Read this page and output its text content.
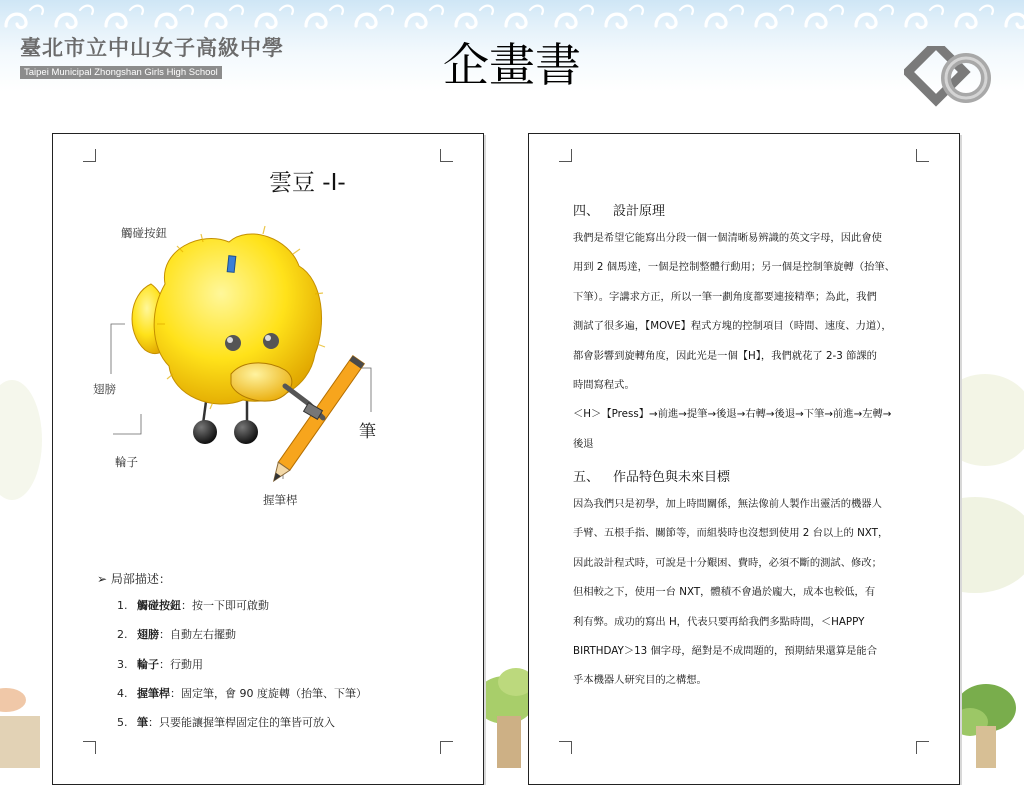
臺北市立中山女子高級中學
Taipei Municipal Zhongshan Girls High School	企畫書
雲豆 -I-
觸碰按鈕
翅膀
輪子
筆
握筆桿
➢ 局部描述：
1. 觸碰按鈕：按一下即可啟動
2. 翅膀：自動左右擺動
3. 輪子：行動用
4. 握筆桿：固定筆，會 90 度旋轉（抬筆、下筆）
5. 筆：只要能讓握筆桿固定住的筆皆可放入
四、 設計原理

我們是希望它能寫出分段一個一個清晰易辨識的英文字母，因此會使

用到 2 個馬達，一個是控制整體行動用；另一個是控制筆旋轉（抬筆、

下筆）。字講求方正，所以一筆一劃角度都要連接精準；為此，我們

測試了很多遍，【MOVE】程式方塊的控制項目（時間、速度、力道），

都會影響到旋轉角度，因此光是一個【H】，我們就花了 2-3 節課的

時間寫程式。

＜H＞【Press】→前進→提筆→後退→右轉→後退→下筆→前進→左轉→

後退

五、 作品特色與未來目標

因為我們只是初學，加上時間關係，無法像前人製作出靈活的機器人

手臂、五根手指、關節等，而組裝時也沒想到使用 2 台以上的 NXT，

因此設計程式時，可說是十分艱困、費時，必須不斷的測試、修改；

但相較之下，使用一台 NXT，體積不會過於龐大，成本也較低，有

利有弊。成功的寫出 H，代表只要再給我們多點時間，＜HAPPY

BIRTHDAY＞13 個字母，絕對是不成問題的，預期結果還算是能合

乎本機器人研究目的之構想。
